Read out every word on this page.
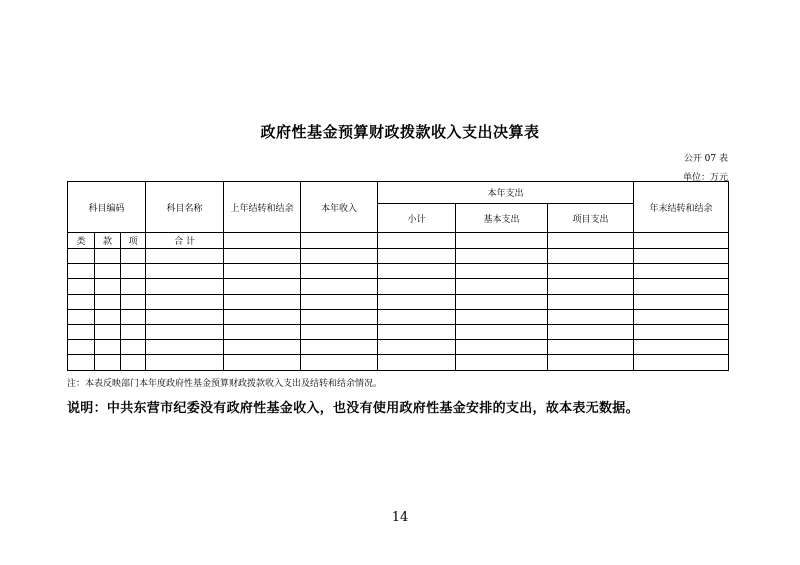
政府性基金预算财政拨款收入支出决算表
公开 07 表
单位：万元
科目编码			科目名称	上年结转和结余	本年收入	本年支出			年末结转和结余
						小计	基本支出	项目支出	
类	款	项	合 计						

注：本表反映部门本年度政府性基金预算财政拨款收入支出及结转和结余情况。
说明：中共东营市纪委没有政府性基金收入，也没有使用政府性基金安排的支出，故本表无数据。
14
